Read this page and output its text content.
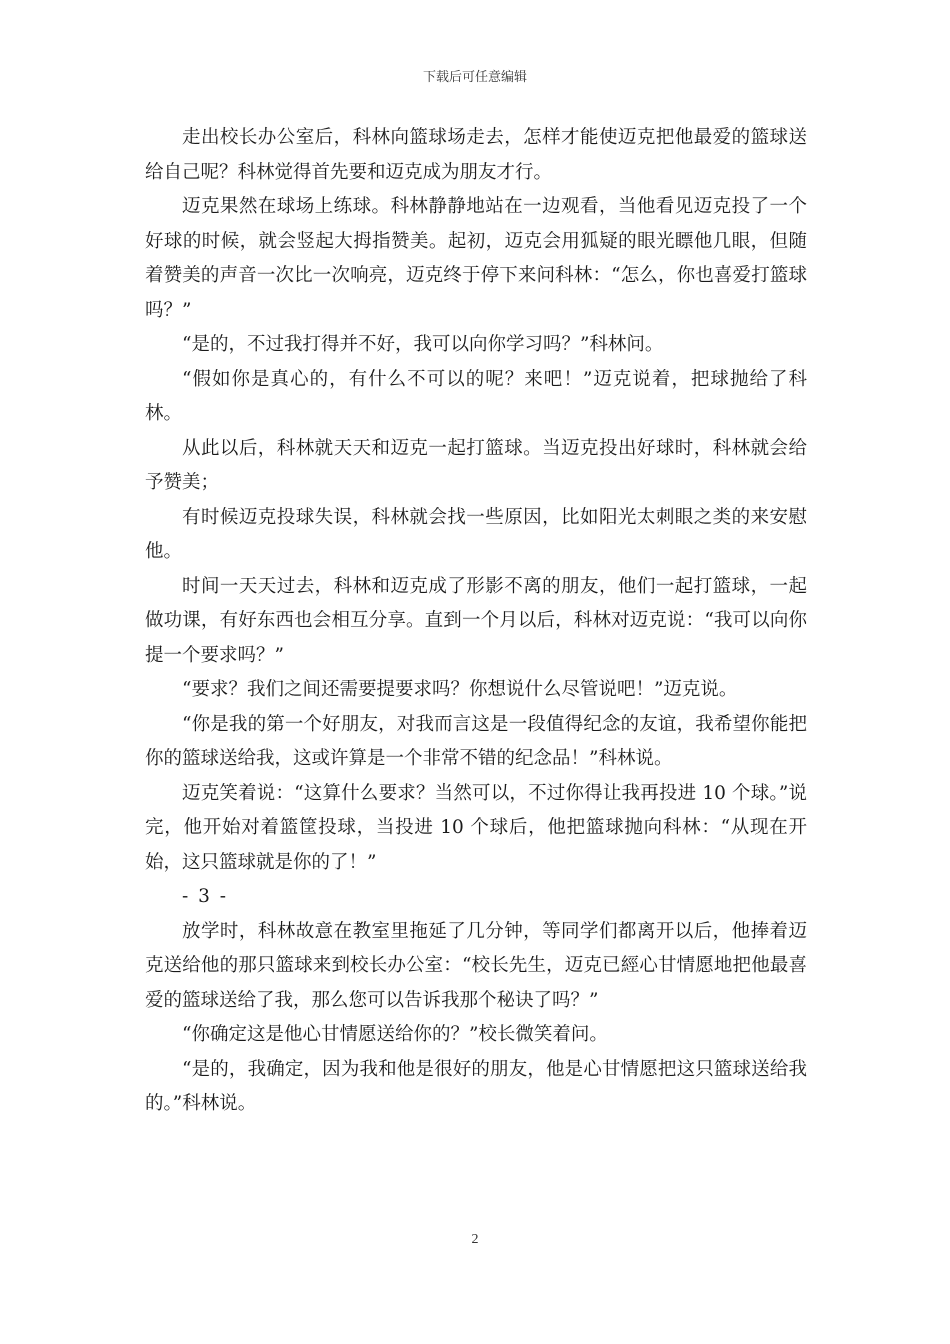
下载后可任意编辑

走出校长办公室后，科林向篮球场走去，怎样才能使迈克把他最爱的篮球送给自己呢？科林觉得首先要和迈克成为朋友才行。

迈克果然在球场上练球。科林静静地站在一边观看，当他看见迈克投了一个好球的时候，就会竖起大拇指赞美。起初，迈克会用狐疑的眼光瞟他几眼，但随着赞美的声音一次比一次响亮，迈克终于停下来问科林：“怎么，你也喜爱打篮球吗？”

“是的，不过我打得并不好，我可以向你学习吗？”科林问。

“假如你是真心的，有什么不可以的呢？来吧！”迈克说着，把球抛给了科林。

从此以后，科林就天天和迈克一起打篮球。当迈克投出好球时，科林就会给予赞美；

有时候迈克投球失误，科林就会找一些原因，比如阳光太刺眼之类的来安慰他。

时间一天天过去，科林和迈克成了形影不离的朋友，他们一起打篮球，一起做功课，有好东西也会相互分享。直到一个月以后，科林对迈克说：“我可以向你提一个要求吗？”

“要求？我们之间还需要提要求吗？你想说什么尽管说吧！”迈克说。

“你是我的第一个好朋友，对我而言这是一段值得纪念的友谊，我希望你能把你的篮球送给我，这或许算是一个非常不错的纪念品！”科林说。

迈克笑着说：“这算什么要求？当然可以，不过你得让我再投进 10 个球。”说完，他开始对着篮筐投球，当投进 10 个球后，他把篮球抛向科林：“从现在开始，这只篮球就是你的了！”

- 3 -

放学时，科林故意在教室里拖延了几分钟，等同学们都离开以后，他捧着迈克送给他的那只篮球来到校长办公室：“校长先生，迈克已經心甘情愿地把他最喜爱的篮球送给了我，那么您可以告诉我那个秘诀了吗？”

“你确定这是他心甘情愿送给你的？”校长微笑着问。

“是的，我确定，因为我和他是很好的朋友，他是心甘情愿把这只篮球送给我的。”科林说。

2
